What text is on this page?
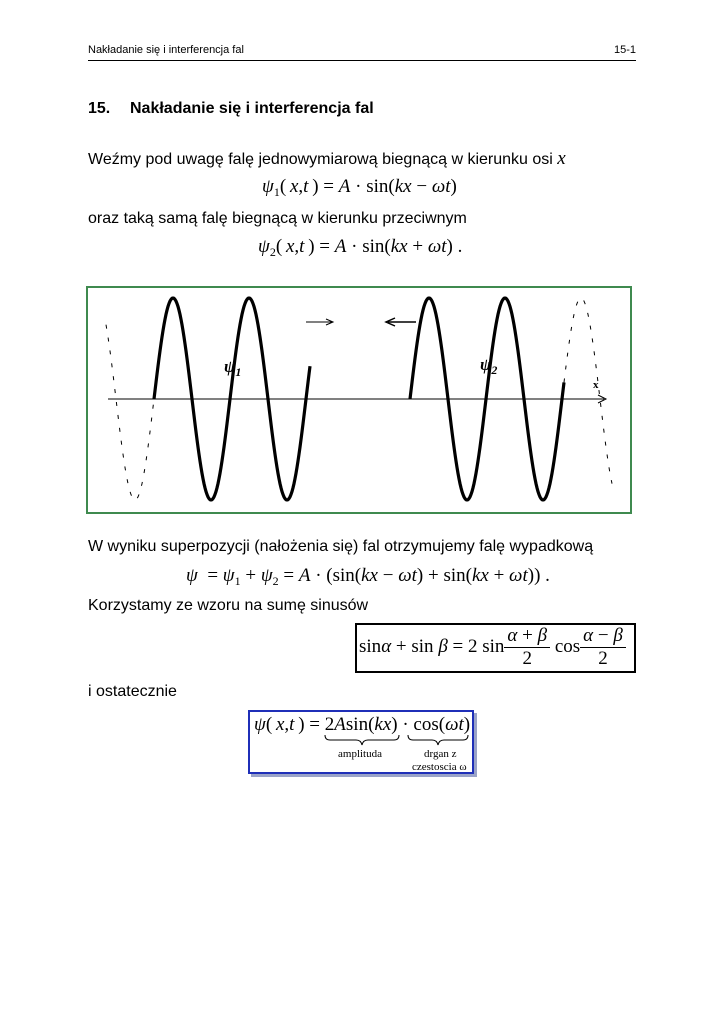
Nakładanie się i interferencja fal	15-1
15. Nakładanie się i interferencja fal
Weźmy pod uwagę falę jednowymiarową biegnącą w kierunku osi x
$\psi_1$( x,t ) = A · sin(kx − ωt)
oraz taką samą falę biegnącą w kierunku przeciwnym
$\psi_2$( x,t ) = A · sin(kx + ωt) .
$\psi_1$	$\psi_2$
x
W wyniku superpozycji (nałożenia się) fal otrzymujemy falę wypadkową
$\psi = \psi_1 + \psi_2 = A \cdot (\sin(kx - \omega t) + \sin(kx + \omega t))$ .
Korzystamy ze wzoru na sumę sinusów
sinα + sin β = 2 $\sin \frac{\alpha + \beta}{2}$ $\cos \frac{\alpha - \beta}{2}$
i ostatecznie
ψ( x,t ) = 2Asin(kx) · cos(ωt)
amplituda	drgan z
czestoscia ω
